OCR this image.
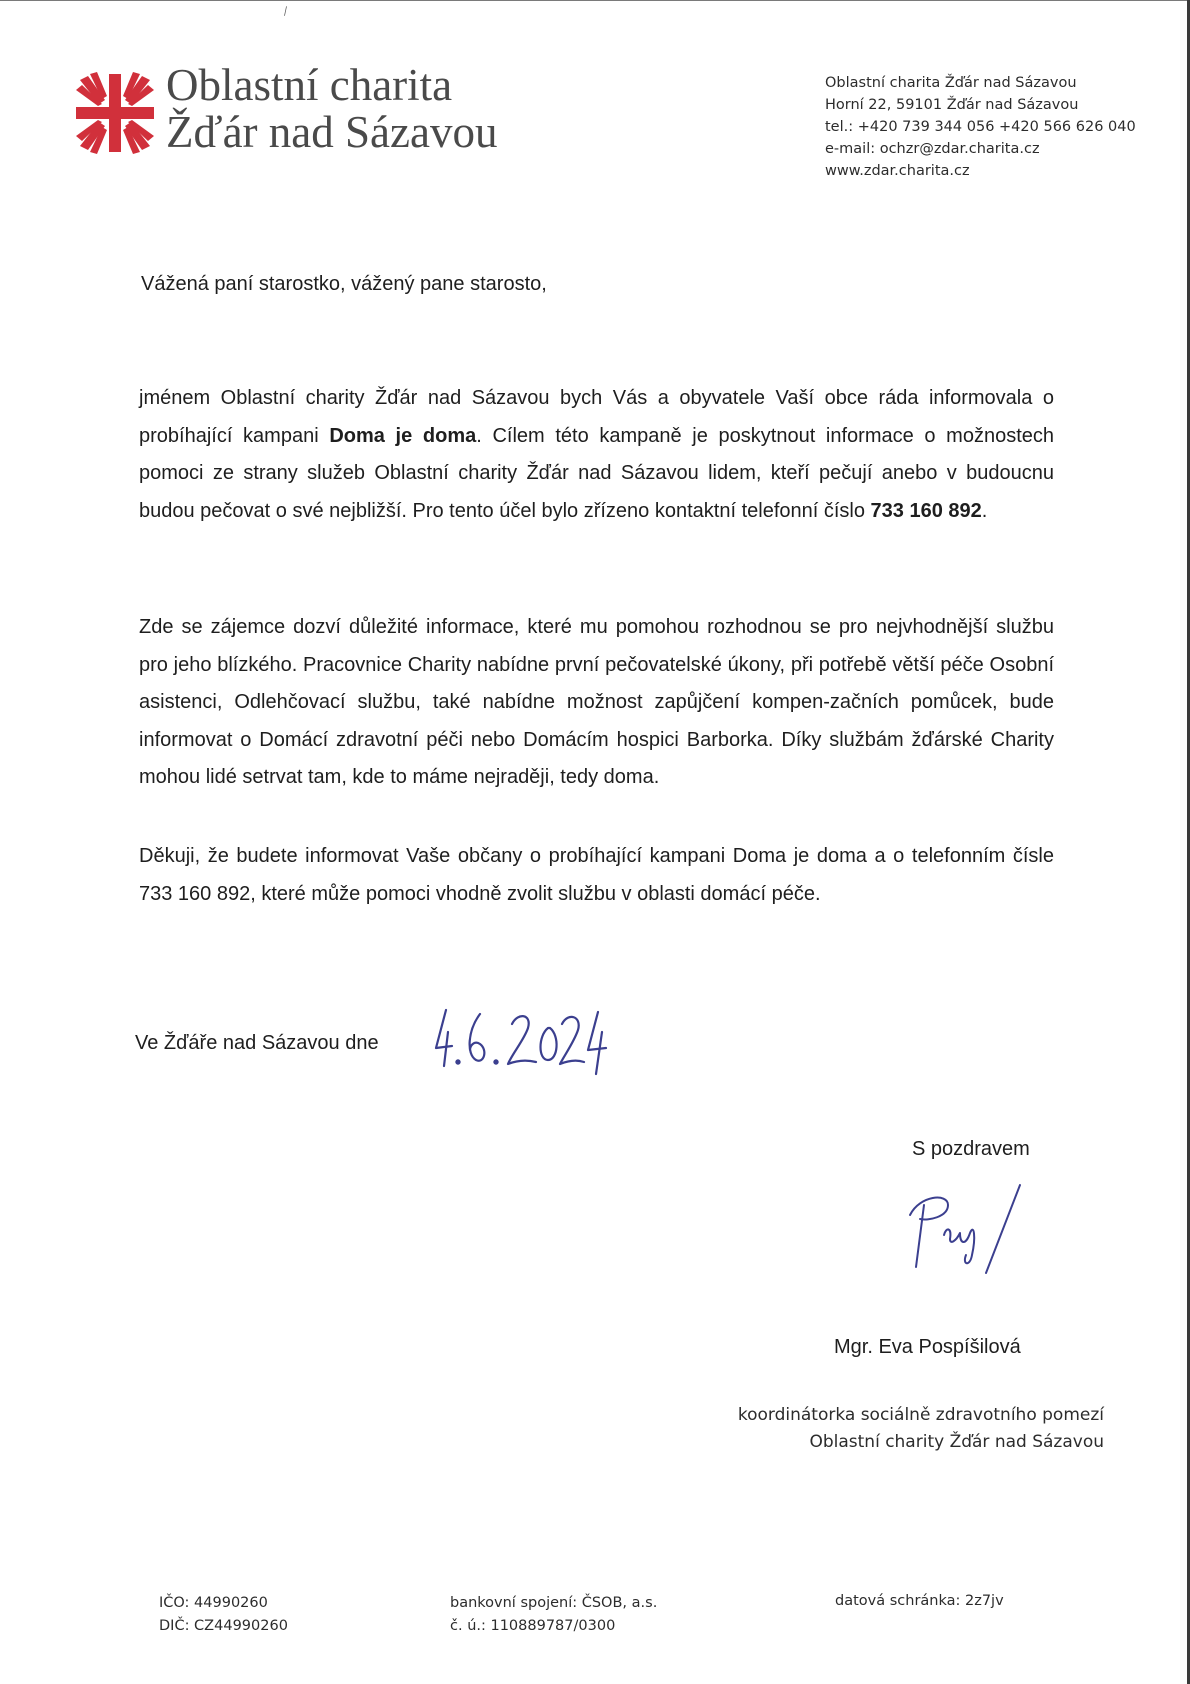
⁄
Oblastní charita
Žďár nad Sázavou
Oblastní charita Žďár nad Sázavou
Horní 22, 59101 Žďár nad Sázavou
tel.: +420 739 344 056 +420 566 626 040
e-mail: ochzr@zdar.charita.cz
www.zdar.charita.cz
Vážená paní starostko, vážený pane starosto,
jménem Oblastní charity Žďár nad Sázavou bych Vás a obyvatele Vaší obce ráda informovala o probíhající kampani Doma je doma. Cílem této kampaně je poskytnout informace o možnostech pomoci ze strany služeb Oblastní charity Žďár nad Sázavou lidem, kteří pečují anebo v budoucnu budou pečovat o své nejbližší. Pro tento účel bylo zřízeno kontaktní telefonní číslo 733 160 892.
Zde se zájemce dozví důležité informace, které mu pomohou rozhodnou se pro nejvhodnější službu pro jeho blízkého. Pracovnice Charity nabídne první pečovatelské úkony, při potřebě větší péče Osobní asistenci, Odlehčovací službu, také nabídne možnost zapůjčení kompen-začních pomůcek, bude informovat o Domácí zdravotní péči nebo Domácím hospici Barborka. Díky službám žďárské Charity mohou lidé setrvat tam, kde to máme nejraději, tedy doma.
Děkuji, že budete informovat Vaše občany o probíhající kampani Doma je doma a o telefonním čísle 733 160 892, které může pomoci vhodně zvolit službu v oblasti domácí péče.
Ve Žďáře nad Sázavou dne
S pozdravem
Mgr. Eva Pospíšilová
koordinátorka sociálně zdravotního pomezí
Oblastní charity Žďár nad Sázavou
IČO: 44990260
DIČ: CZ44990260
bankovní spojení: ČSOB, a.s.
č. ú.: 110889787/0300
datová schránka: 2z7jv
